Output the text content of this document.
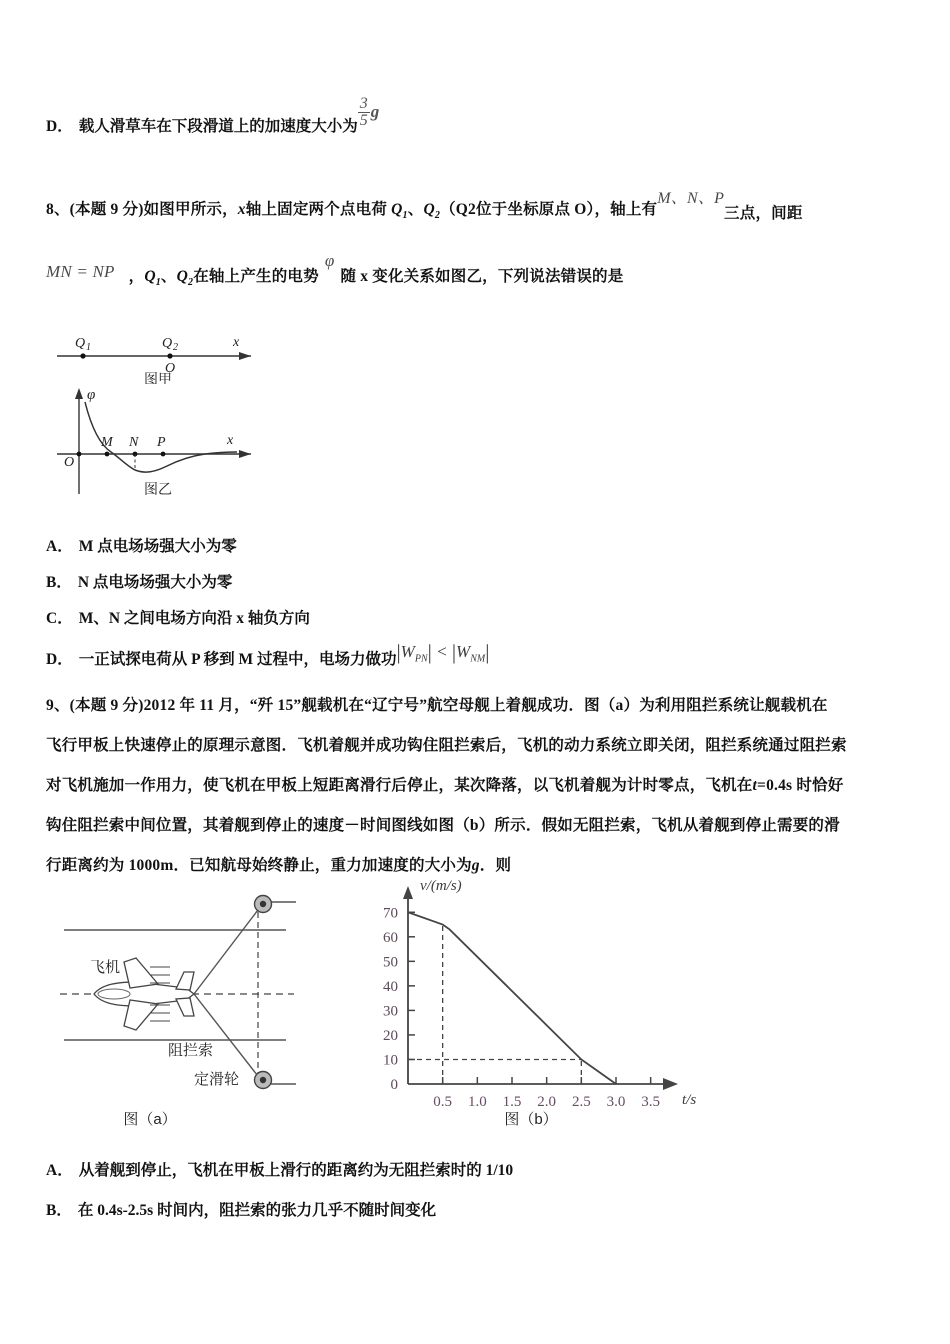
D． 载人滑草车在下段滑道上的加速度大小为 $\frac{3}{5}$ g
8、(本题 9 分)如图甲所示，x轴上固定两个点电荷 $Q_1$、$Q_2(Q2$位于坐标原点 O），轴上有M、N、P三点，间距
MN = NP ，$Q_1$、$Q_2$在轴上产生的电势φ随 x 变化关系如图乙，下列说法错误的是
Q 1	Q 2
O
x
图甲
M N P
O
x
φ
图乙
A． M 点电场场强大小为零
B． N 点电场场强大小为零
C． M、N 之间电场方向沿 x 轴负方向
D． 一正试探电荷从 P 移到 M 过程中，电场力做功$|W_{PN}| < |W_{NM}|$
9、(本题 9 分)2012 年 11 月，“歼 15”舰载机在“辽宁号”航空母舰上着舰成功．图（a）为利用阻拦系统让舰载机在
飞行甲板上快速停止的原理示意图．飞机着舰并成功钩住阻拦索后，飞机的动力系统立即关闭，阻拦系统通过阻拦索
对飞机施加一作用力，使飞机在甲板上短距离滑行后停止，某次降落，以飞机着舰为计时零点，飞机在t=0.4s 时恰好
钩住阻拦索中间位置，其着舰到停止的速度－时间图线如图（b）所示．假如无阻拦索，飞机从着舰到停止需要的滑
行距离约为 1000m．已知航母始终静止，重力加速度的大小为g．则
飞机
阻拦索
定滑轮
图（a）
0
10
20
30
40
50
60
70
0.5 1.0 1.5 2.0 2.5 3.0 3.5
v/(m/s)
t/s
图（b）
A． 从着舰到停止，飞机在甲板上滑行的距离约为无阻拦索时的 1/10
B． 在 0.4s-2.5s 时间内，阻拦索的张力几乎不随时间变化
